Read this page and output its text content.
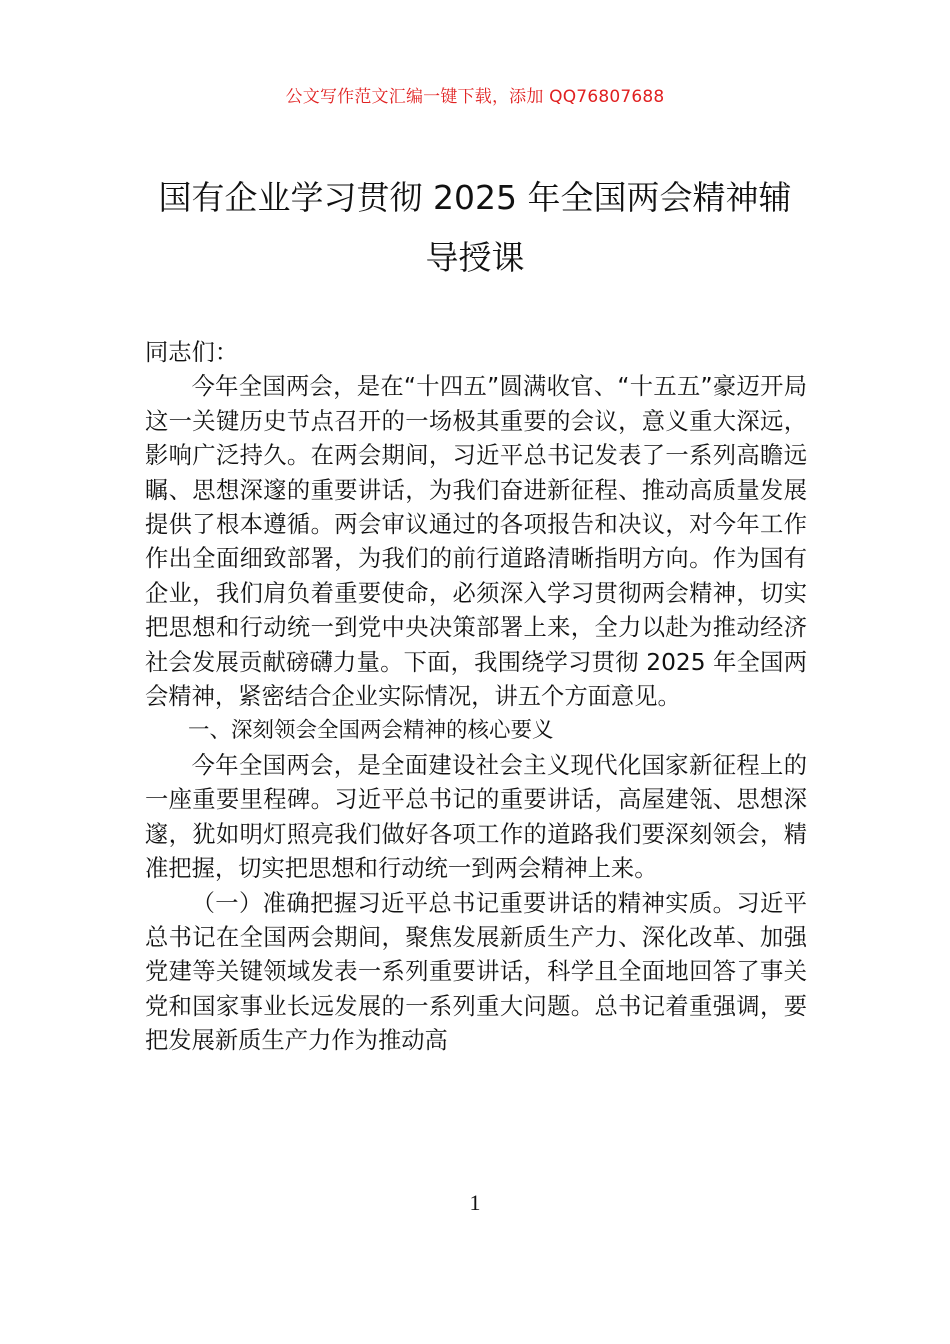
公文写作范文汇编一键下载，添加 QQ76807688
国有企业学习贯彻 2025 年全国两会精神辅
导授课

同志们：

今年全国两会，是在“十四五”圆满收官、“十五五”豪迈开局这一关键历史节点召开的一场极其重要的会议，意义重大深远，影响广泛持久。在两会期间，习近平总书记发表了一系列高瞻远瞩、思想深邃的重要讲话，为我们奋进新征程、推动高质量发展提供了根本遵循。两会审议通过的各项报告和决议，对今年工作作出全面细致部署，为我们的前行道路清晰指明方向。作为国有企业，我们肩负着重要使命，必须深入学习贯彻两会精神，切实把思想和行动统一到党中央决策部署上来，全力以赴为推动经济社会发展贡献磅礴力量。下面，我围绕学习贯彻 2025 年全国两会精神，紧密结合企业实际情况，讲五个方面意见。

一、深刻领会全国两会精神的核心要义

今年全国两会，是全面建设社会主义现代化国家新征程上的一座重要里程碑。习近平总书记的重要讲话，高屋建瓴、思想深邃，犹如明灯照亮我们做好各项工作的道路我们要深刻领会，精准把握，切实把思想和行动统一到两会精神上来。

（一）准确把握习近平总书记重要讲话的精神实质。习近平总书记在全国两会期间，聚焦发展新质生产力、深化改革、加强党建等关键领域发表一系列重要讲话，科学且全面地回答了事关党和国家事业长远发展的一系列重大问题。总书记着重强调，要把发展新质生产力作为推动高

1
